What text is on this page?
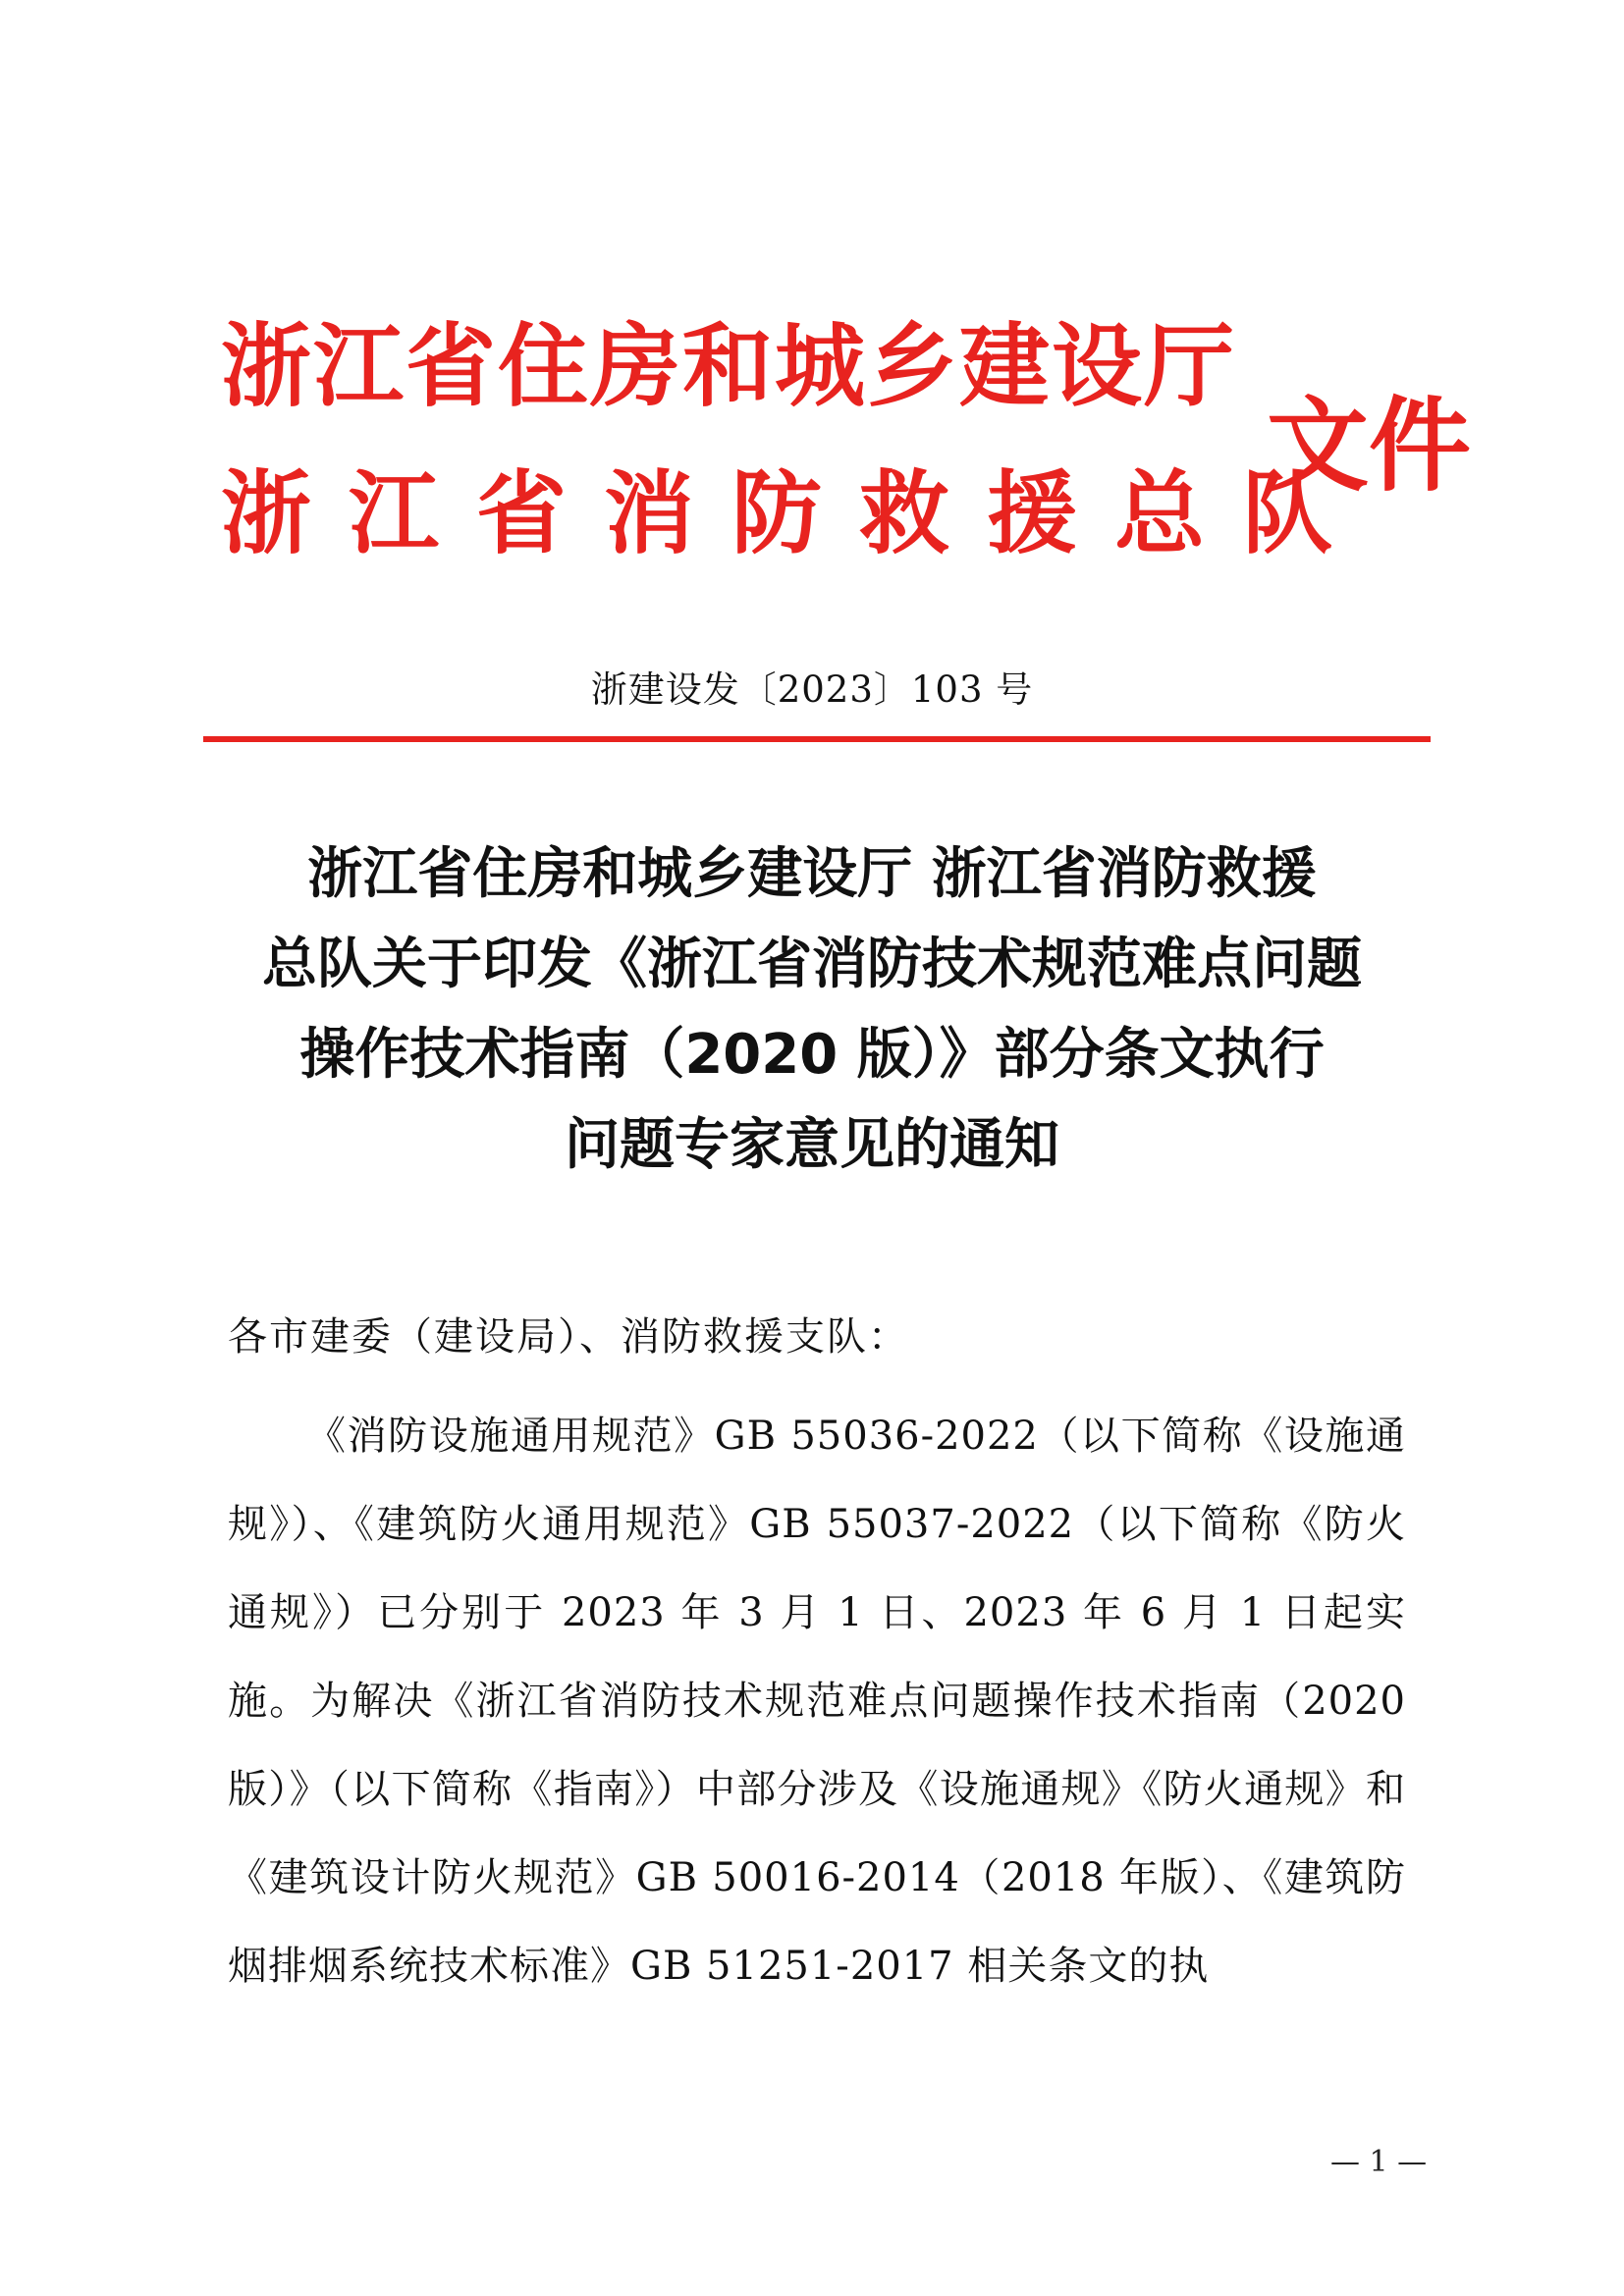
浙江省住房和城乡建设厅
浙江省消防救援总队
文件
浙建设发〔2023〕103 号
浙江省住房和城乡建设厅 浙江省消防救援
总队关于印发《浙江省消防技术规范难点问题
操作技术指南（2020 版）》部分条文执行
问题专家意见的通知
各市建委（建设局）、消防救援支队：
《消防设施通用规范》GB 55036-2022（以下简称《设施通规》）、《建筑防火通用规范》GB 55037-2022（以下简称《防火通规》）已分别于 2023 年 3 月 1 日、2023 年 6 月 1 日起实施。为解决《浙江省消防技术规范难点问题操作技术指南（2020版）》（以下简称《指南》）中部分涉及《设施通规》《防火通规》和《建筑设计防火规范》GB 50016-2014（2018 年版）、《建筑防烟排烟系统技术标准》GB 51251-2017 相关条文的执
— 1 —
